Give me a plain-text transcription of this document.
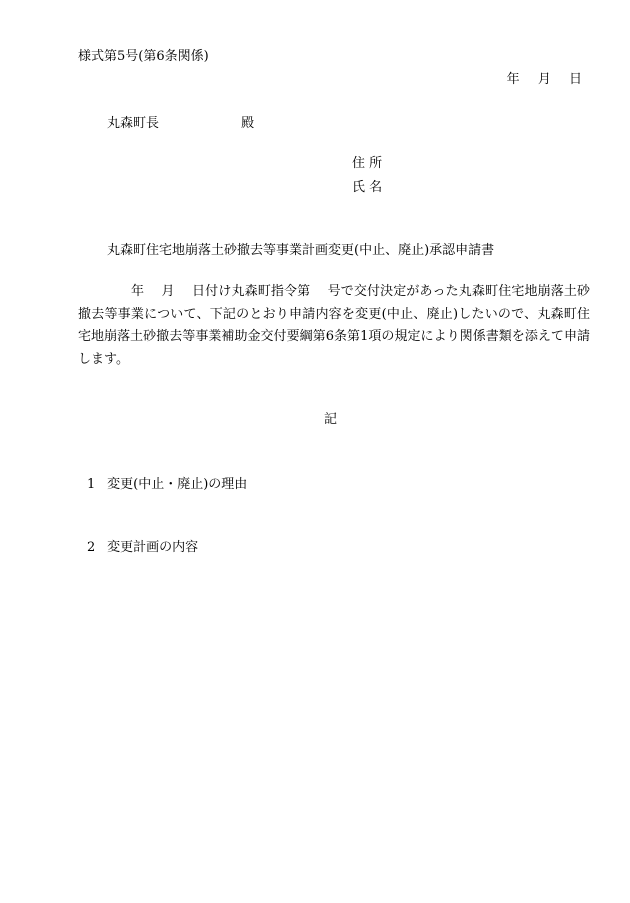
様式第5号(第6条関係)
年 月 日
丸森町長	殿
住 所
氏 名
丸森町住宅地崩落土砂撤去等事業計画変更(中止、廃止)承認申請書
年　 月　 日付け丸森町指令第　 号で交付決定があった丸森町住宅地崩落土砂撤去等事業について、下記のとおり申請内容を変更(中止、廃止)したいので、丸森町住宅地崩落土砂撤去等事業補助金交付要綱第6条第1項の規定により関係書類を添えて申請します。
記
1 変更(中止・廃止)の理由
2 変更計画の内容
